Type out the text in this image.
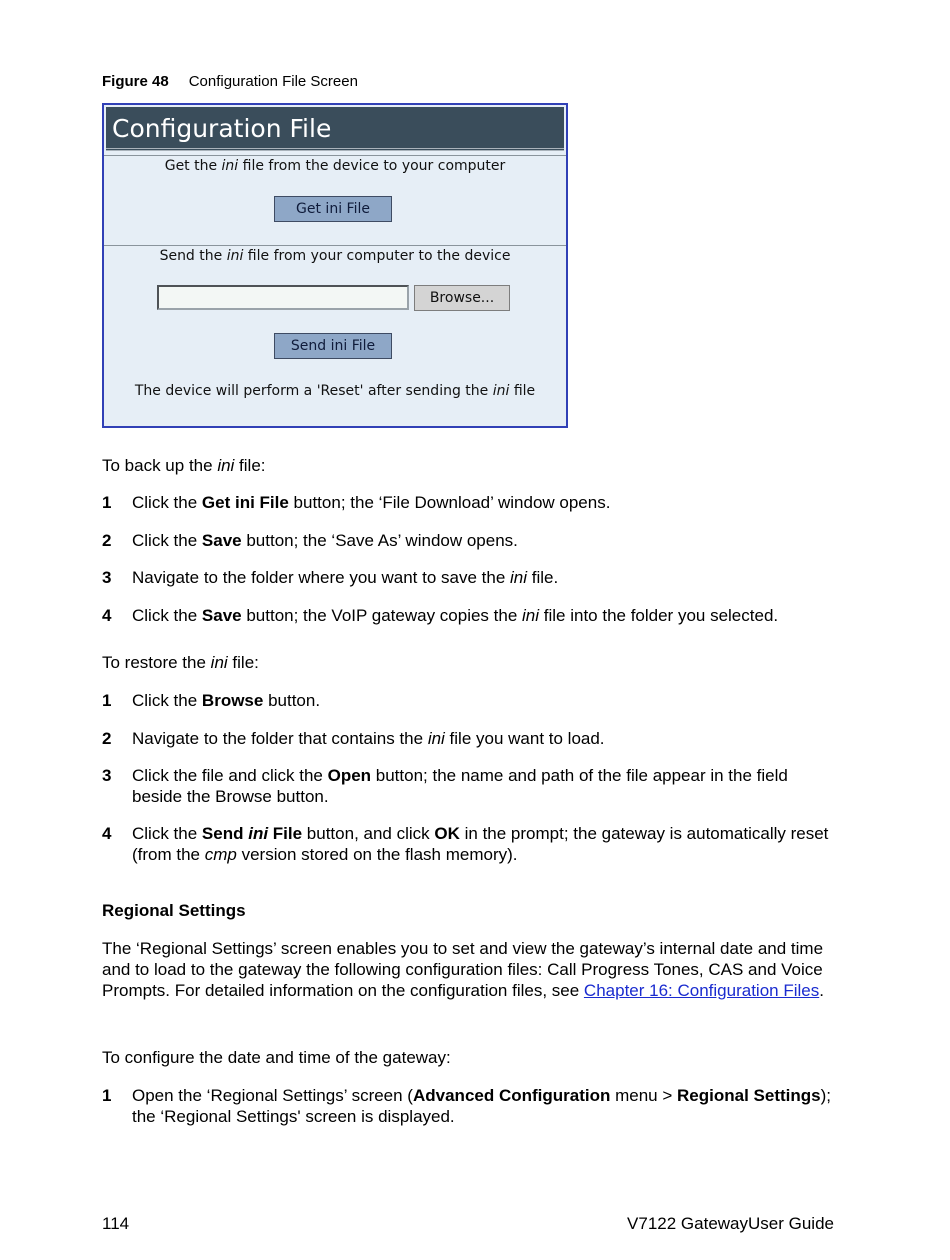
Figure 48 Configuration File Screen
Configuration File
Get the ini file from the device to your computer
Get ini File
Send the ini file from your computer to the device
Browse...
Send ini File
The device will perform a 'Reset' after sending the ini file
To back up the ini file:
1 Click the Get ini File button; the ‘File Download’ window opens.
2 Click the Save button; the ‘Save As’ window opens.
3 Navigate to the folder where you want to save the ini file.
4 Click the Save button; the VoIP gateway copies the ini file into the folder you selected.
To restore the ini file:
1 Click the Browse button.
2 Navigate to the folder that contains the ini file you want to load.
3 Click the file and click the Open button; the name and path of the file appear in the field beside the Browse button.
4 Click the Send ini File button, and click OK in the prompt; the gateway is automatically reset (from the cmp version stored on the flash memory).
Regional Settings
The ‘Regional Settings’ screen enables you to set and view the gateway’s internal date and time and to load to the gateway the following configuration files: Call Progress Tones, CAS and Voice Prompts. For detailed information on the configuration files, see Chapter 16: Configuration Files.
To configure the date and time of the gateway:
1 Open the ‘Regional Settings’ screen (Advanced Configuration menu > Regional Settings); the ‘Regional Settings' screen is displayed.
114	V7122 GatewayUser Guide
